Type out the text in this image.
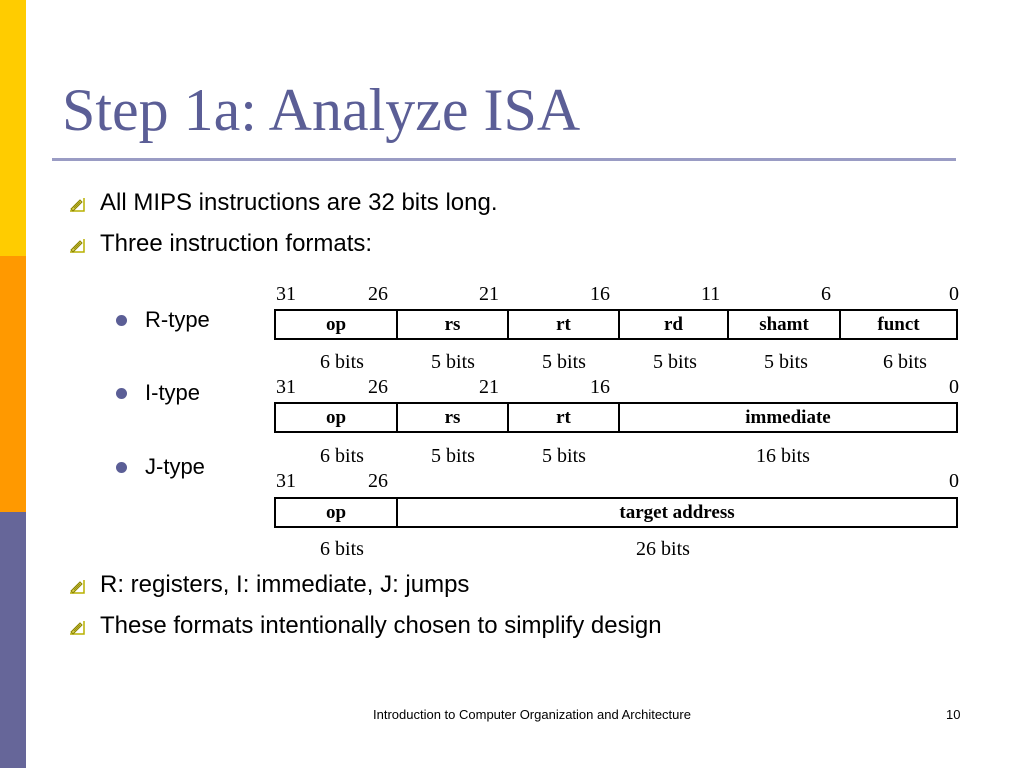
Step 1a: Analyze ISA
All MIPS instructions are 32 bits long.
Three instruction formats:
R: registers, I: immediate, J: jumps
These formats intentionally chosen to simplify design
R-type
I-type
J-type
31	26	21	16	11	6	0
op	rs	rt	rd	shamt	funct
6 bits	5 bits	5 bits	5 bits	5 bits	6 bits
31	26	21	16	0
op	rs	rt	immediate
6 bits	5 bits	5 bits	16 bits
31	26	0
op	target address
6 bits	26 bits
Introduction to Computer Organization and Architecture	10
